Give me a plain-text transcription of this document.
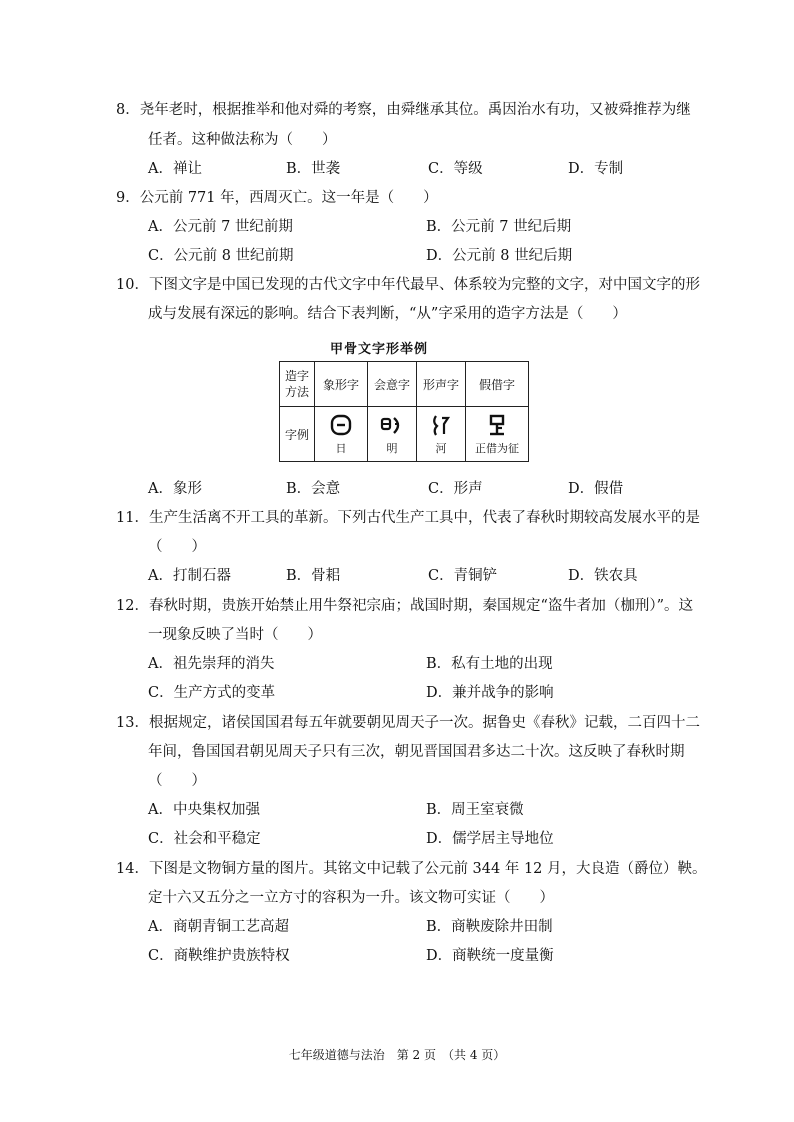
8．尧年老时，根据推举和他对舜的考察，由舜继承其位。禹因治水有功，又被舜推荐为继
任者。这种做法称为（　　）
A．禅让	B．世袭	C．等级	D．专制
9．公元前 771 年，西周灭亡。这一年是（　　）
A．公元前 7 世纪前期	B．公元前 7 世纪后期
C．公元前 8 世纪前期	D．公元前 8 世纪后期
10．下图文字是中国已发现的古代文字中年代最早、体系较为完整的文字，对中国文字的形
成与发展有深远的影响。结合下表判断，“从”字采用的造字方法是（　　）
甲骨文字形举例
造字
方法	象形字	会意字	形声字	假借字
字例	日	明	河	正借为征
A．象形	B．会意	C．形声	D．假借
11．生产生活离不开工具的革新。下列古代生产工具中，代表了春秋时期较高发展水平的是
（　　）
A．打制石器	B．骨耜	C．青铜铲	D．铁农具
12．春秋时期，贵族开始禁止用牛祭祀宗庙；战国时期，秦国规定“盗牛者加（枷刑）”。这
一现象反映了当时（　　）
A．祖先崇拜的消失	B．私有土地的出现
C．生产方式的变革	D．兼并战争的影响
13．根据规定，诸侯国国君每五年就要朝见周天子一次。据鲁史《春秋》记载，二百四十二
年间，鲁国国君朝见周天子只有三次，朝见晋国国君多达二十次。这反映了春秋时期
（　　）
A．中央集权加强	B．周王室衰微
C．社会和平稳定	D．儒学居主导地位
14．下图是文物铜方量的图片。其铭文中记载了公元前 344 年 12 月，大良造（爵位）鞅。
定十六又五分之一立方寸的容积为一升。该文物可实证（　　）
A．商朝青铜工艺高超	B．商鞅废除井田制
C．商鞅维护贵族特权	D．商鞅统一度量衡
七年级道德与法治　第 2 页　（共 4 页）
